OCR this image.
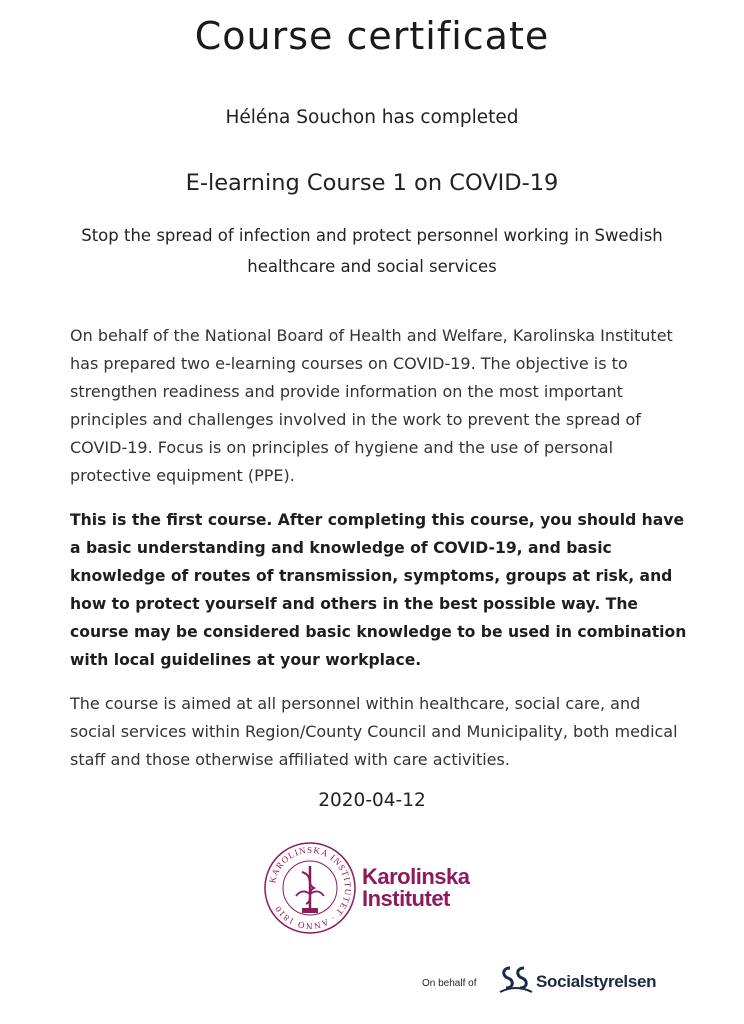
Course certificate
Héléna Souchon has completed
E-learning Course 1 on COVID-19
Stop the spread of infection and protect personnel working in Swedish healthcare and social services

On behalf of the National Board of Health and Welfare, Karolinska Institutet has prepared two e-learning courses on COVID-19. The objective is to strengthen readiness and provide information on the most important principles and challenges involved in the work to prevent the spread of COVID-19. Focus is on principles of hygiene and the use of personal protective equipment (PPE).

This is the first course. After completing this course, you should have a basic understanding and knowledge of COVID-19, and basic knowledge of routes of transmission, symptoms, groups at risk, and how to protect yourself and others in the best possible way. The course may be considered basic knowledge to be used in combination with local guidelines at your workplace.

The course is aimed at all personnel within healthcare, social care, and social services within Region/County Council and Municipality, both medical staff and those otherwise affiliated with care activities.

2020-04-12
KAROLINSKA INSTITUTET · ANNO 1810
Karolinska
Institutet
On behalf of	Socialstyrelsen
